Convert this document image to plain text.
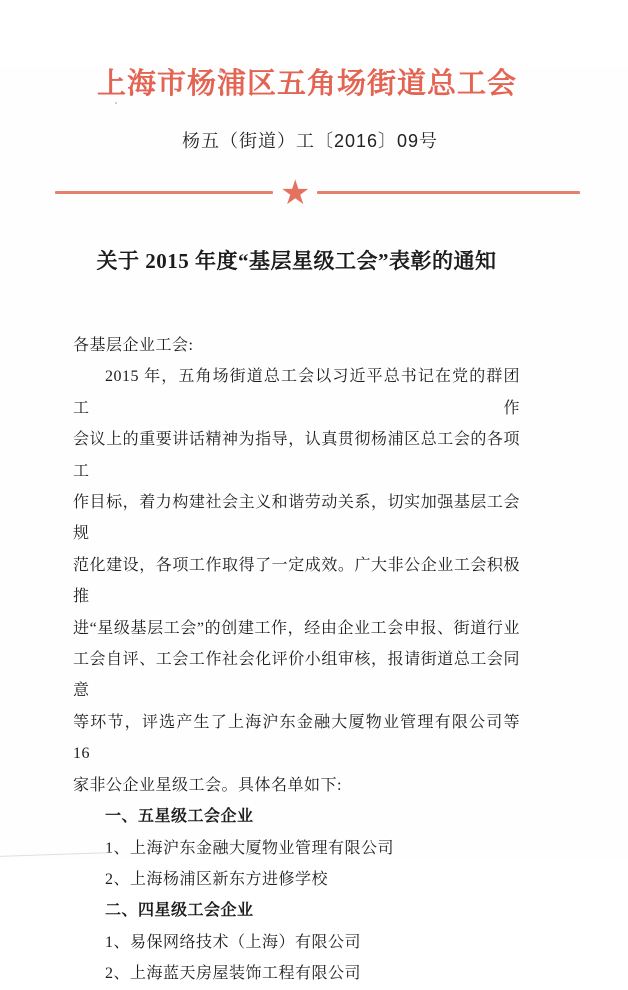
上海市杨浦区五角场街道总工会
杨五（街道）工〔2016〕09号
★
关于 2015 年度“基层星级工会”表彰的通知
各基层企业工会:
2015 年，五角场街道总工会以习近平总书记在党的群团工作
会议上的重要讲话精神为指导，认真贯彻杨浦区总工会的各项工
作目标，着力构建社会主义和谐劳动关系，切实加强基层工会规
范化建设，各项工作取得了一定成效。广大非公企业工会积极推
进“星级基层工会”的创建工作，经由企业工会申报、街道行业
工会自评、工会工作社会化评价小组审核，报请街道总工会同意
等环节，评选产生了上海沪东金融大厦物业管理有限公司等 16
家非公企业星级工会。具体名单如下:
一、五星级工会企业
1、上海沪东金融大厦物业管理有限公司
2、上海杨浦区新东方进修学校
二、四星级工会企业
1、易保网络技术（上海）有限公司
2、上海蓝天房屋装饰工程有限公司
